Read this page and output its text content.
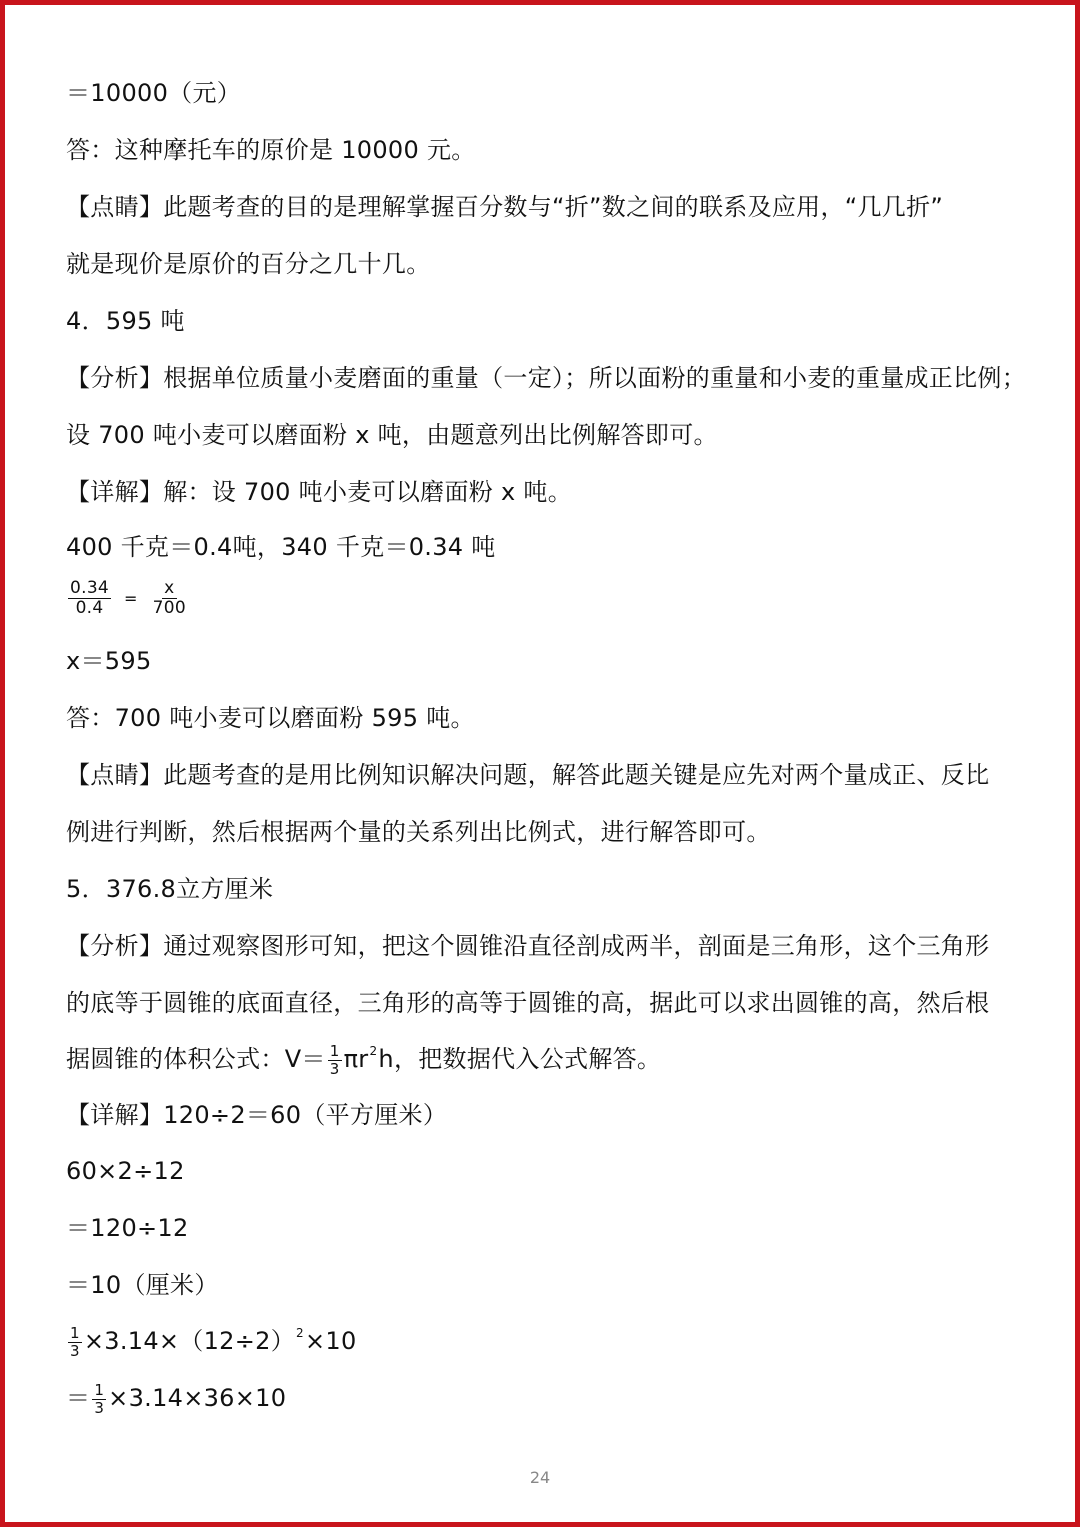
＝10000（元）
答：这种摩托车的原价是 10000 元。
【点睛】此题考查的目的是理解掌握百分数与“折”数之间的联系及应用，“几几折”
就是现价是原价的百分之几十几。
4．595 吨
【分析】根据单位质量小麦磨面的重量（一定）；所以面粉的重量和小麦的重量成正比例；
设 700 吨小麦可以磨面粉 x 吨，由题意列出比例解答即可。
【详解】解：设 700 吨小麦可以磨面粉 x 吨。
400 千克＝0.4吨，340 千克＝0.34 吨
$\frac{0.34}{0.4} = \frac{x}{700}$
x＝595
答：700 吨小麦可以磨面粉 595 吨。
【点睛】此题考查的是用比例知识解决问题，解答此题关键是应先对两个量成正、反比
例进行判断，然后根据两个量的关系列出比例式，进行解答即可。
5．376.8立方厘米
【分析】通过观察图形可知，把这个圆锥沿直径剖成两半，剖面是三角形，这个三角形
的底等于圆锥的底面直径，三角形的高等于圆锥的高，据此可以求出圆锥的高，然后根
据圆锥的体积公式：$V= \frac{1}{3} \pi r^2h$，把数据代入公式解答。
【详解】120÷2＝60（平方厘米）
60×2÷12
＝120÷12
＝10（厘米）
$\frac{1}{3} \times 3.14\times(12\div 2)^2\times 10$
＝ $\frac{1}{3} \times 3.14\times 36\times 10$
24
